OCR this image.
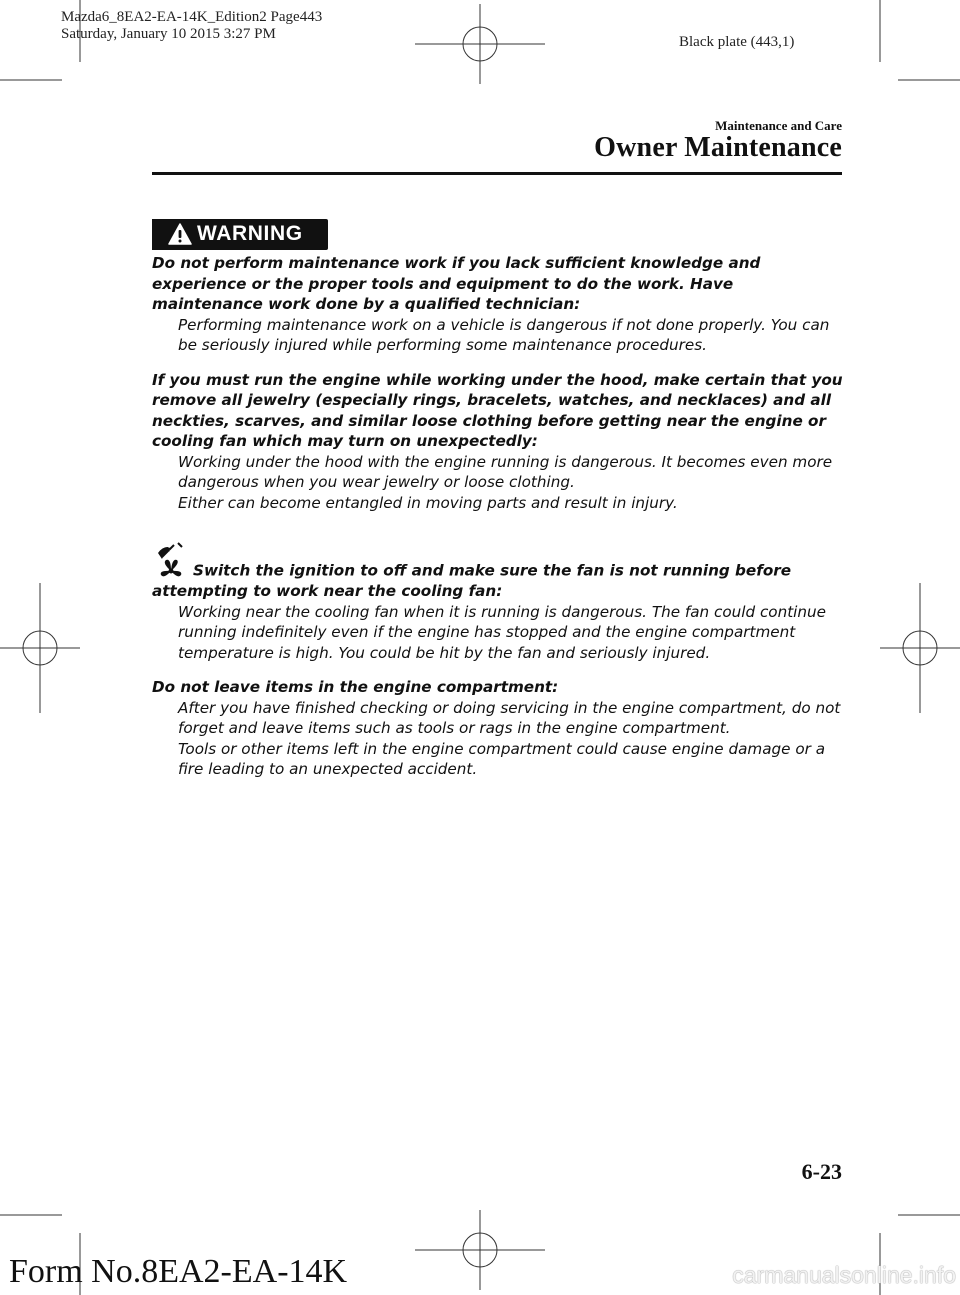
Mazda6_8EA2-EA-14K_Edition2 Page443
Saturday, January 10 2015 3:27 PM	Black plate (443,1)
Maintenance and Care
Owner Maintenance
WARNING
Do not perform maintenance work if you lack sufficient knowledge and experience or the proper tools and equipment to do the work. Have maintenance work done by a qualified technician:
Performing maintenance work on a vehicle is dangerous if not done properly. You can be seriously injured while performing some maintenance procedures.
If you must run the engine while working under the hood, make certain that you remove all jewelry (especially rings, bracelets, watches, and necklaces) and all neckties, scarves, and similar loose clothing before getting near the engine or cooling fan which may turn on unexpectedly:
Working under the hood with the engine running is dangerous. It becomes even more dangerous when you wear jewelry or loose clothing.
Either can become entangled in moving parts and result in injury.
Switch the ignition to off and make sure the fan is not running before attempting to work near the cooling fan:
Working near the cooling fan when it is running is dangerous. The fan could continue running indefinitely even if the engine has stopped and the engine compartment temperature is high. You could be hit by the fan and seriously injured.
Do not leave items in the engine compartment:
After you have finished checking or doing servicing in the engine compartment, do not forget and leave items such as tools or rags in the engine compartment.
Tools or other items left in the engine compartment could cause engine damage or a fire leading to an unexpected accident.
6-23
Form No.8EA2-EA-14K	carmanualsonline.info
